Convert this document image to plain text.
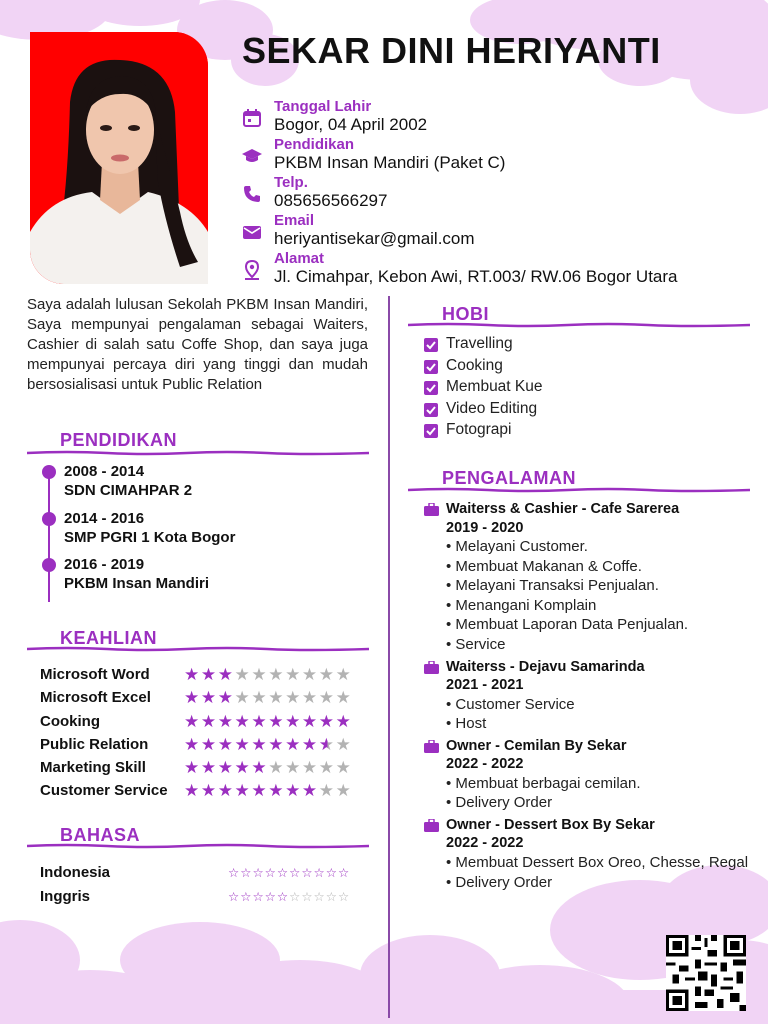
SEKAR DINI HERIYANTI
Tanggal Lahir
Bogor, 04 April 2002
Pendidikan
PKBM Insan Mandiri (Paket C)
Telp.
085656566297
Email
heriyantisekar@gmail.com
Alamat
Jl. Cimahpar, Kebon Awi, RT.003/ RW.06 Bogor Utara
Saya adalah lulusan Sekolah PKBM Insan Mandiri, Saya mempunyai pengalaman sebagai Waiters, Cashier di salah satu Coffe Shop, dan saya juga mempunyai percaya diri yang tinggi dan mudah bersosialisasi untuk Public Relation
PENDIDIKAN
2008 - 2014
SDN CIMAHPAR 2
2014 - 2016
SMP PGRI 1 Kota Bogor
2016 - 2019
PKBM Insan Mandiri
KEAHLIAN
Microsoft Word ★★★★★★★★★★
Microsoft Excel ★★★★★★★★★★
Cooking	★★★★★★★★★★
Public Relation ★★★★★★★★★★
Marketing Skill ★★★★★★★★★★
Customer Service ★★★★★★★★★★
BAHASA
Indonesia	☆☆☆☆☆☆☆☆☆☆
Inggris	☆☆☆☆☆☆☆☆☆☆
HOBI
Travelling
Cooking
Membuat Kue
Video Editing
Fotograpi
PENGALAMAN
Waiterss & Cashier - Cafe Sarerea
2019 - 2020
• Melayani Customer.
• Membuat Makanan & Coffe.
• Melayani Transaksi Penjualan.
• Menangani Komplain
• Membuat Laporan Data Penjualan.
• Service
Waiterss - Dejavu Samarinda
2021 - 2021
• Customer Service
• Host
Owner - Cemilan By Sekar
2022 - 2022
• Membuat berbagai cemilan.
• Delivery Order
Owner - Dessert Box By Sekar
2022 - 2022
• Membuat Dessert Box Oreo, Chesse, Regal
• Delivery Order
